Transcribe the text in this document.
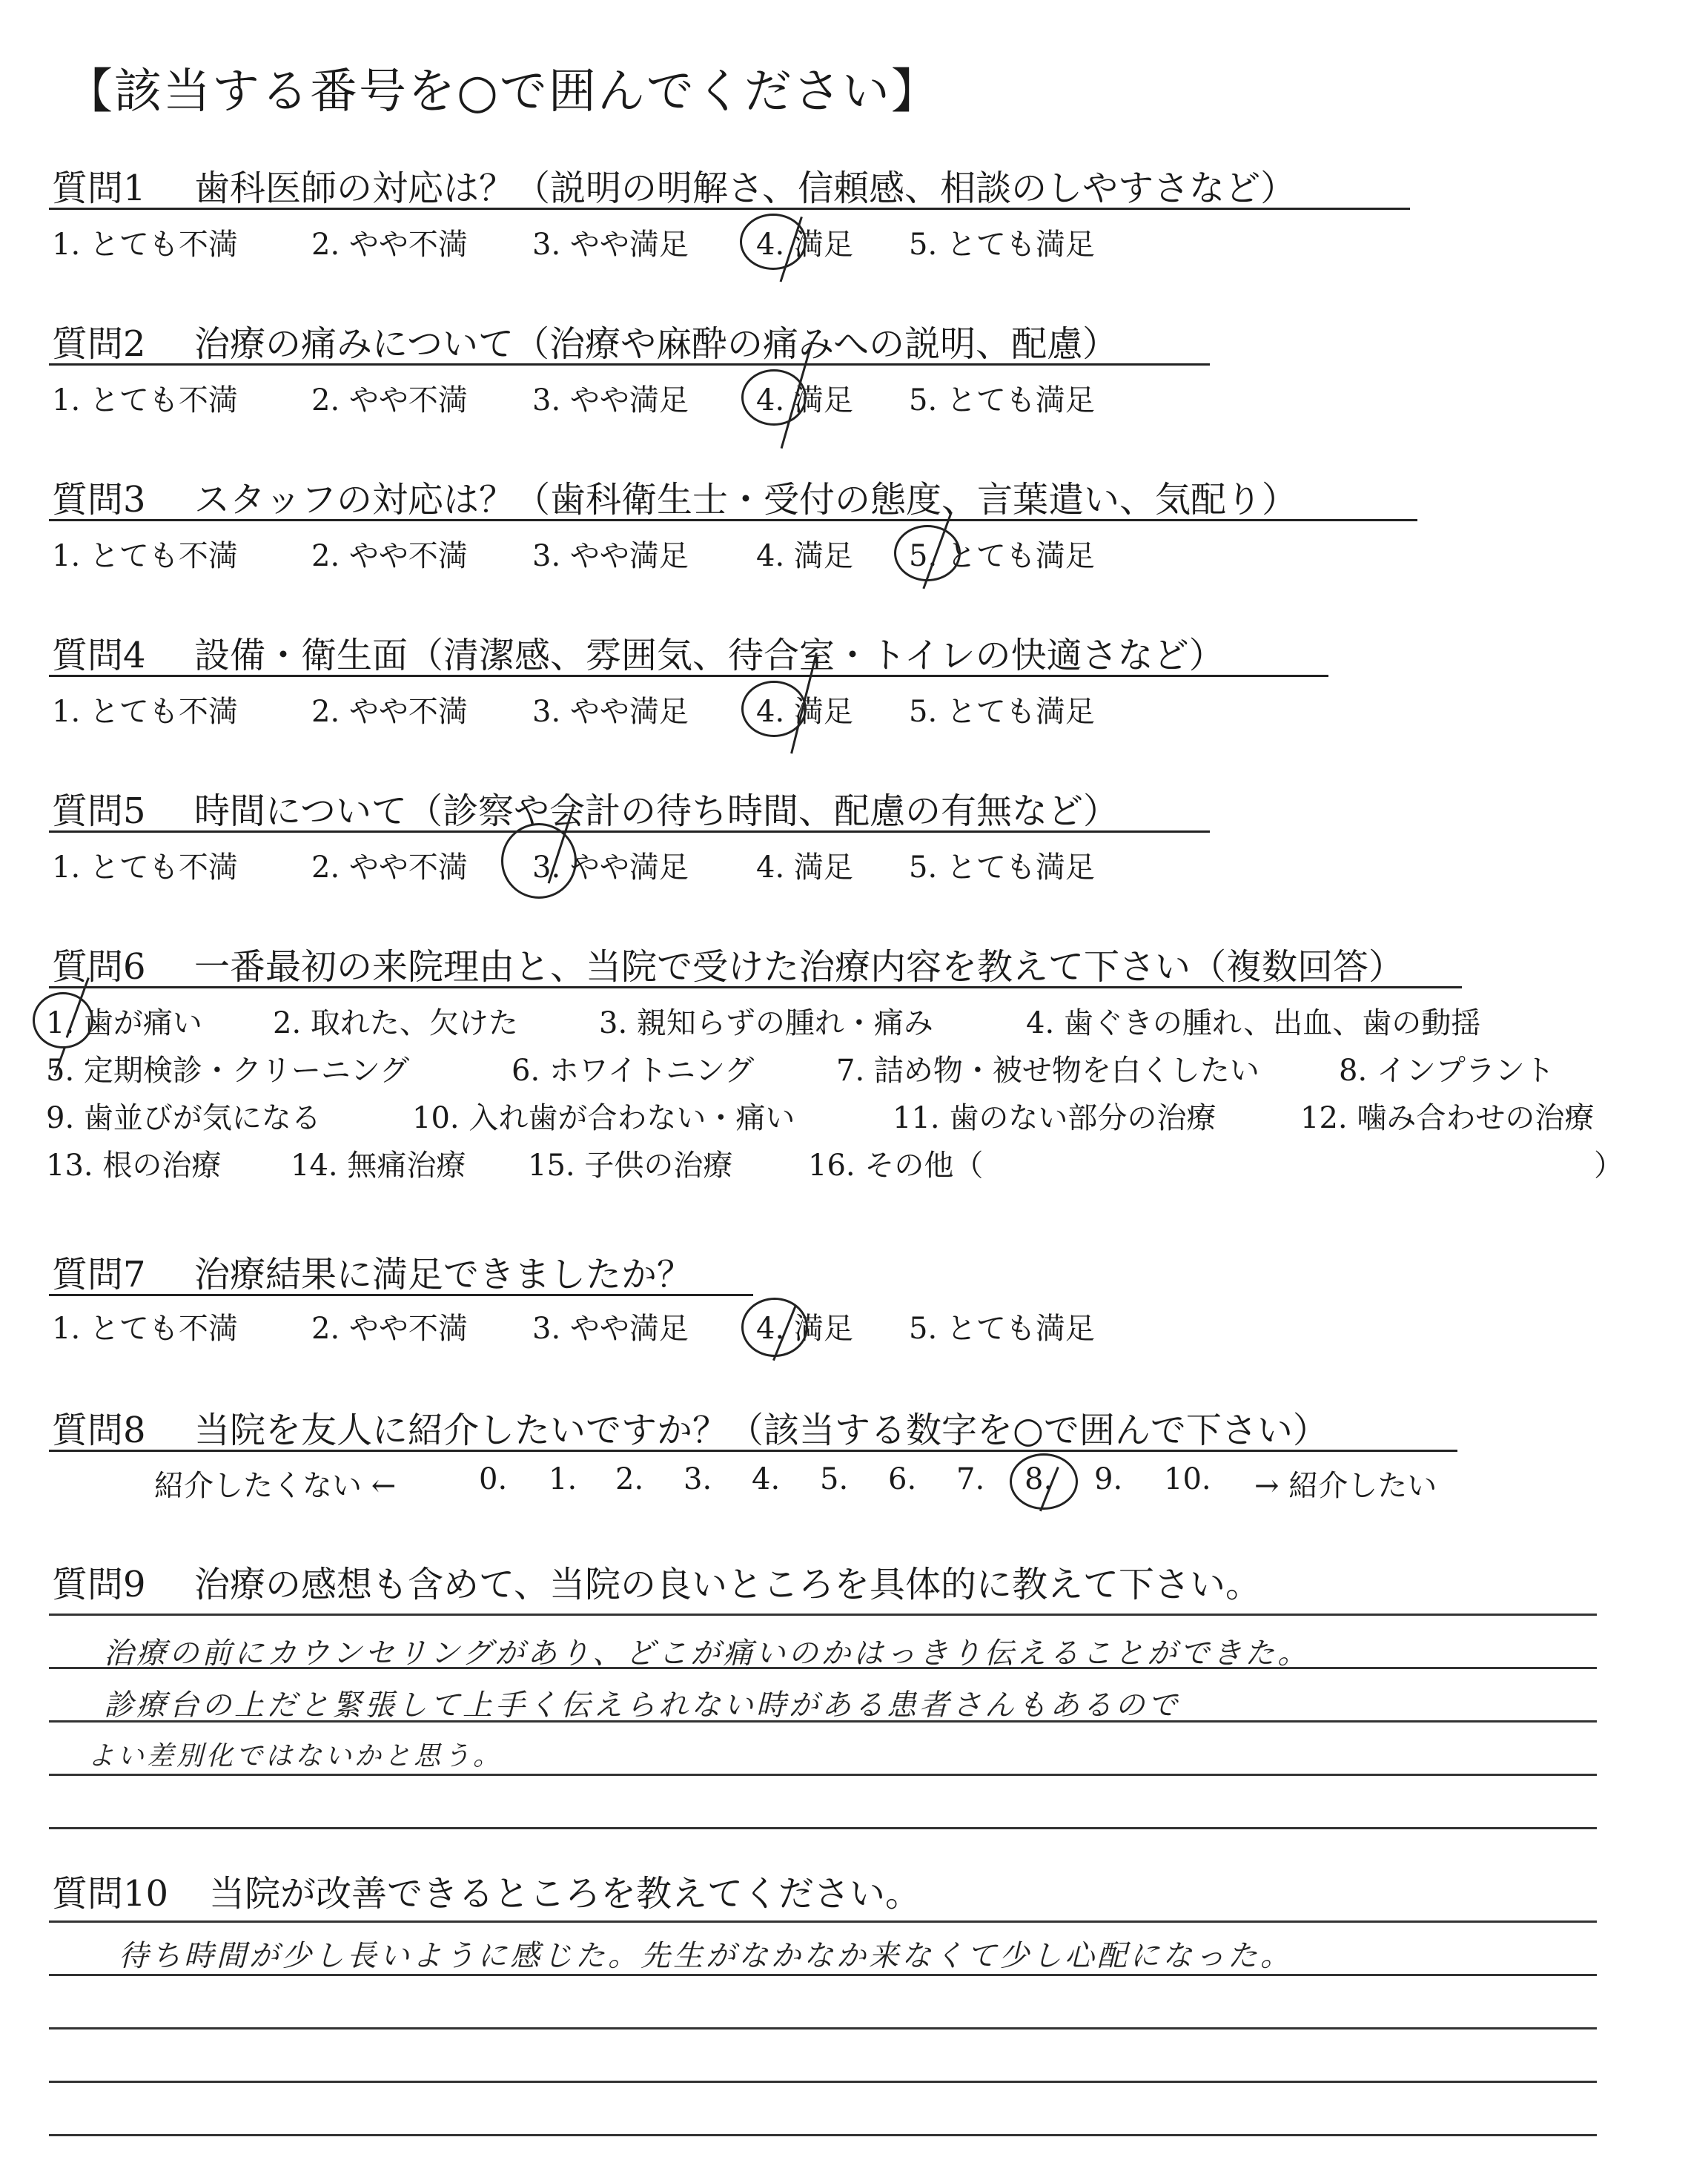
【該当する番号を○で囲んでください】
質問1 歯科医師の対応は？（説明の明解さ、信頼感、相談のしやすさなど）
1. とても不満 2. やや不満 3. やや満足 4. 満足 5. とても満足
質問2 治療の痛みについて（治療や麻酔の痛みへの説明、配慮）
1. とても不満 2. やや不満 3. やや満足 4. 満足 5. とても満足
質問3 スタッフの対応は？（歯科衛生士・受付の態度、言葉遣い、気配り）
1. とても不満 2. やや不満 3. やや満足 4. 満足 5. とても満足
質問4 設備・衛生面（清潔感、雰囲気、待合室・トイレの快適さなど）
1. とても不満 2. やや不満 3. やや満足 4. 満足 5. とても満足
質問5 時間について（診察や会計の待ち時間、配慮の有無など）
1. とても不満 2. やや不満 3. やや満足 4. 満足 5. とても満足
質問6 一番最初の来院理由と、当院で受けた治療内容を教えて下さい（複数回答）
1. 歯が痛い 2. 取れた、欠けた	3. 親知らずの腫れ・痛み	4. 歯ぐきの腫れ、出血、歯の動揺
5. 定期検診・クリーニング	6. ホワイトニング	7. 詰め物・被せ物を白くしたい	8. インプラント
9. 歯並びが気になる	10. 入れ歯が合わない・痛い	11. 歯のない部分の治療	12. 噛み合わせの治療
13. 根の治療 14. 無痛治療 15. 子供の治療	16. その他（	）
質問7 治療結果に満足できましたか？
1. とても不満 2. やや不満 3. やや満足 4. 満足 5. とても満足
質問8 当院を友人に紹介したいですか？（該当する数字を○で囲んで下さい）
紹介したくない ←	0. 1. 2. 3. 4. 5. 6. 7. 8. 9. 10. → 紹介したい
質問9 治療の感想も含めて、当院の良いところを具体的に教えて下さい。
治療の前にカウンセリングがあり、どこが痛いのかはっきり伝えることができた。
診療台の上だと緊張して上手く伝えられない時がある患者さんもあるので
よい差別化ではないかと思う。
質問10 当院が改善できるところを教えてください。
待ち時間が少し長いように感じた。先生がなかなか来なくて少し心配になった。
